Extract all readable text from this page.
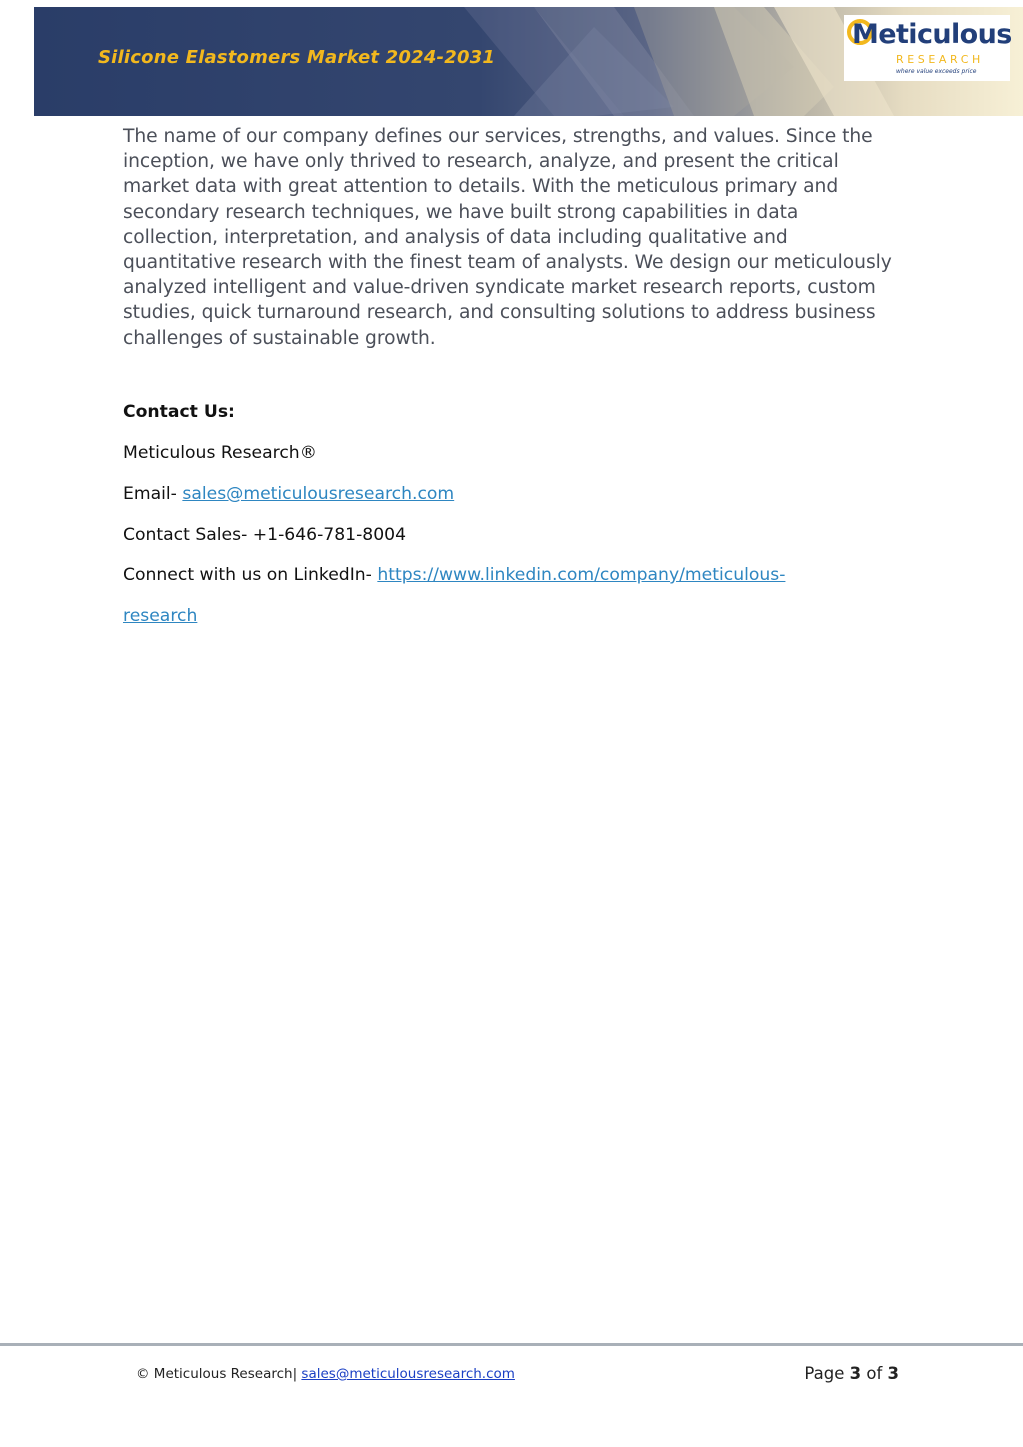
Silicone Elastomers Market 2024-2031
Meticulous
RESEARCH
where value exceeds price

The name of our company defines our services, strengths, and values. Since the inception, we have only thrived to research, analyze, and present the critical market data with great attention to details. With the meticulous primary and secondary research techniques, we have built strong capabilities in data collection, interpretation, and analysis of data including qualitative and quantitative research with the finest team of analysts. We design our meticulously analyzed intelligent and value-driven syndicate market research reports, custom studies, quick turnaround research, and consulting solutions to address business challenges of sustainable growth.

Contact Us:

Meticulous Research®

Email- sales@meticulousresearch.com

Contact Sales- +1-646-781-8004

Connect with us on LinkedIn- https://www.linkedin.com/company/meticulous-

research

© Meticulous Research| sales@meticulousresearch.com	Page 3 of 3
